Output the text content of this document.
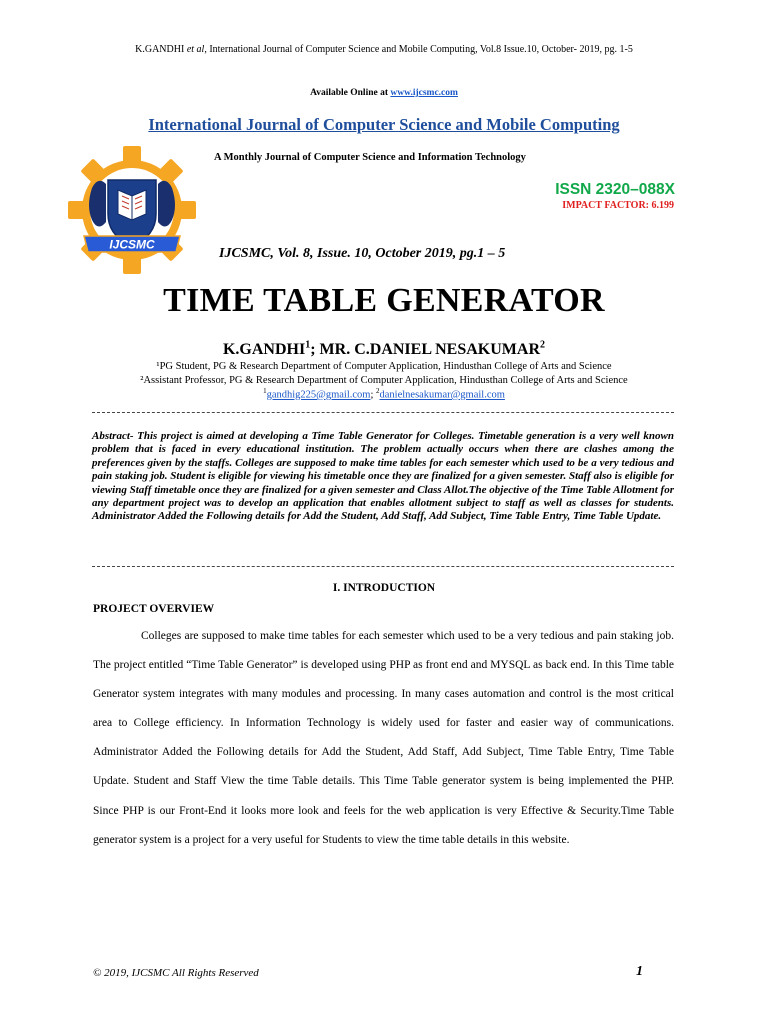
K.GANDHI et al, International Journal of Computer Science and Mobile Computing, Vol.8 Issue.10, October- 2019, pg. 1-5
Available Online at www.ijcsmc.com
International Journal of Computer Science and Mobile Computing
IJCSMC
A Monthly Journal of Computer Science and Information Technology
ISSN 2320–088X
IMPACT FACTOR: 6.199
IJCSMC, Vol. 8, Issue. 10, October 2019, pg.1 – 5
TIME TABLE GENERATOR
K.GANDHI$^1$; MR. C.DANIEL NESAKUMAR$^2$
¹PG Student, PG & Research Department of Computer Application, Hindusthan College of Arts and Science
²Assistant Professor, PG & Research Department of Computer Application, Hindusthan College of Arts and Science
$^1$gandhig225@gmail.com; $^2$danielnesakumar@gmail.com

Abstract- This project is aimed at developing a Time Table Generator for Colleges. Timetable generation is a very well known problem that is faced in every educational institution. The problem actually occurs when there are clashes among the preferences given by the staffs. Colleges are supposed to make time tables for each semester which used to be a very tedious and pain staking job. Student is eligible for viewing his timetable once they are finalized for a given semester. Staff also is eligible for viewing Staff timetable once they are finalized for a given semester and Class Allot.The objective of the Time Table Allotment for any department project was to develop an application that enables allotment subject to staff as well as classes for students. Administrator Added the Following details for Add the Student, Add Staff, Add Subject, Time Table Entry, Time Table Update.

I. INTRODUCTION
PROJECT OVERVIEW

Colleges are supposed to make time tables for each semester which used to be a very tedious and pain staking job. The project entitled “Time Table Generator” is developed using PHP as front end and MYSQL as back end. In this Time table Generator system integrates with many modules and processing. In many cases automation and control is the most critical area to College efficiency. In Information Technology is widely used for faster and easier way of communications. Administrator Added the Following details for Add the Student, Add Staff, Add Subject, Time Table Entry, Time Table Update. Student and Staff View the time Table details. This Time Table generator system is being implemented the PHP. Since PHP is our Front-End it looks more look and feels for the web application is very Effective & Security.Time Table generator system is a project for a very useful for Students to view the time table details in this website.

© 2019, IJCSMC All Rights Reserved	1
